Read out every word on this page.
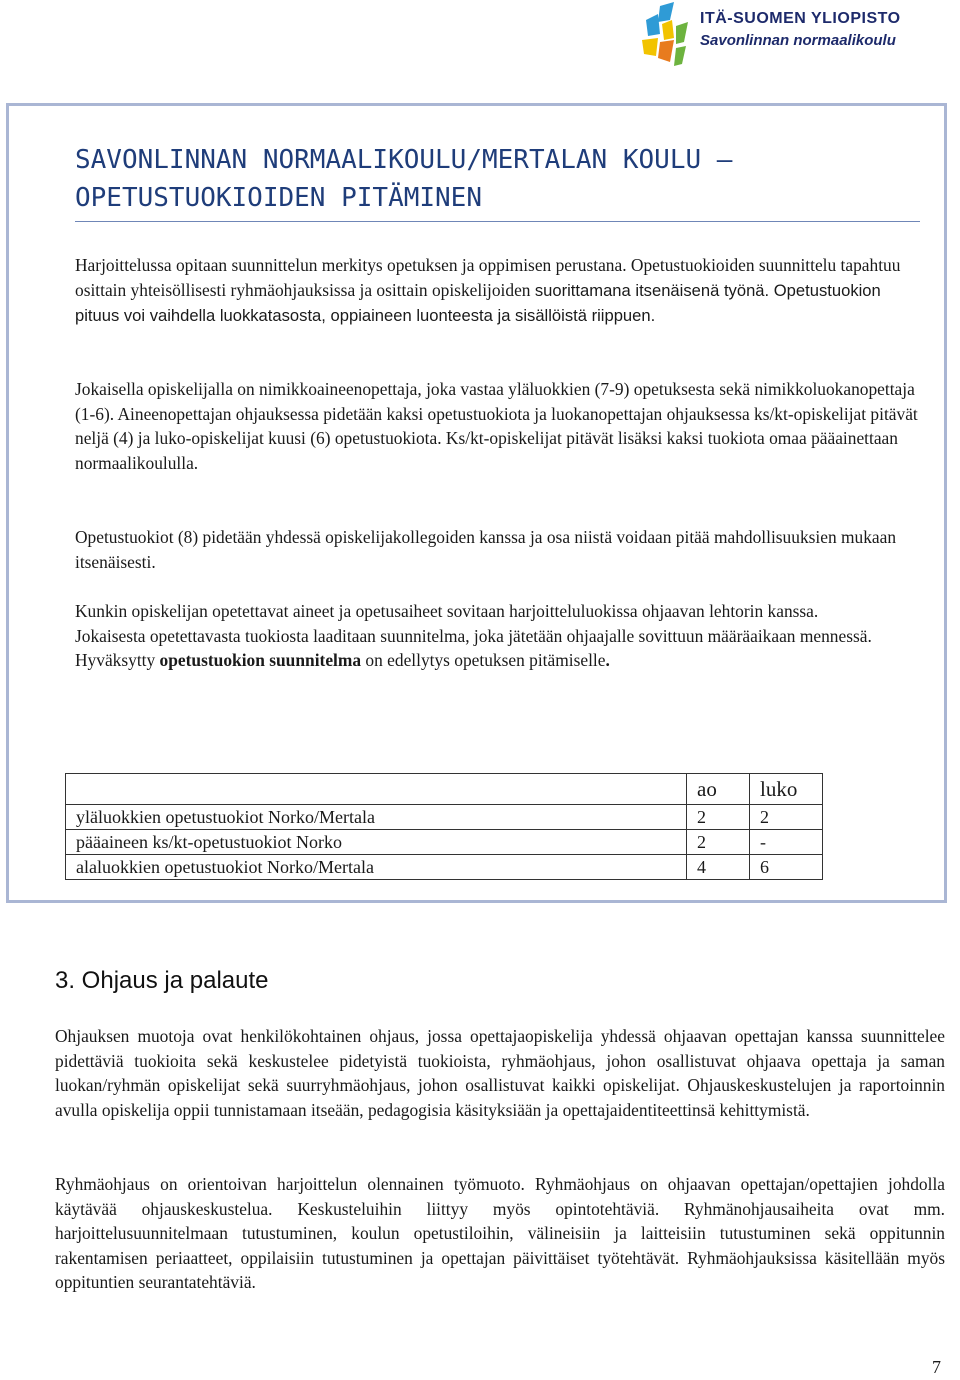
ITÄ-SUOMEN YLIOPISTO
Savonlinnan normaalikoulu
SAVONLINNAN NORMAALIKOULU/MERTALAN KOULU –
OPETUSTUOKIOIDEN PITÄMINEN

Harjoittelussa opitaan suunnittelun merkitys opetuksen ja oppimisen perustana. Opetustuokioiden suunnittelu tapahtuu osittain yhteisöllisesti ryhmäohjauksissa ja osittain opiskelijoiden suorittamana itsenäisenä työnä. Opetustuokion pituus voi vaihdella luokkatasosta, oppiaineen luonteesta ja sisällöistä riippuen.

Jokaisella opiskelijalla on nimikkoaineenopettaja, joka vastaa yläluokkien (7-9) opetuksesta sekä nimikkoluokanopettaja (1-6). Aineenopettajan ohjauksessa pidetään kaksi opetustuokiota ja luokanopettajan ohjauksessa ks/kt-opiskelijat pitävät neljä (4) ja luko-opiskelijat kuusi (6) opetustuokiota. Ks/kt-opiskelijat pitävät lisäksi kaksi tuokiota omaa pääainettaan normaalikoululla.

Opetustuokiot (8) pidetään yhdessä opiskelijakollegoiden kanssa ja osa niistä voidaan pitää mahdollisuuksien mukaan itsenäisesti.

Kunkin opiskelijan opetettavat aineet ja opetusaiheet sovitaan harjoitteluluokissa ohjaavan lehtorin kanssa.
Jokaisesta opetettavasta tuokiosta laaditaan suunnitelma, joka jätetään ohjaajalle sovittuun määräaikaan mennessä. Hyväksytty opetustuokion suunnitelma on edellytys opetuksen pitämiselle.

	ao	luko
yläluokkien opetustuokiot Norko/Mertala	2	2
pääaineen ks/kt-opetustuokiot Norko	2	-
alaluokkien opetustuokiot Norko/Mertala	4	6
3. Ohjaus ja palaute

Ohjauksen muotoja ovat henkilökohtainen ohjaus, jossa opettajaopiskelija yhdessä ohjaavan opettajan kanssa suunnittelee pidettäviä tuokioita sekä keskustelee pidetyistä tuokioista, ryhmäohjaus, johon osallistuvat ohjaava opettaja ja saman luokan/ryhmän opiskelijat sekä suurryhmäohjaus, johon osallistuvat kaikki opiskelijat. Ohjauskeskustelujen ja raportoinnin avulla opiskelija oppii tunnistamaan itseään, pedagogisia käsityksiään ja opettajaidentiteettinsä kehittymistä.

Ryhmäohjaus on orientoivan harjoittelun olennainen työmuoto. Ryhmäohjaus on ohjaavan opettajan/opettajien johdolla käytävää ohjauskeskustelua. Keskusteluihin liittyy myös opintotehtäviä. Ryhmänohjausaiheita ovat mm. harjoittelusuunnitelmaan tutustuminen, koulun opetustiloihin, välineisiin ja laitteisiin tutustuminen sekä oppitunnin rakentamisen periaatteet, oppilaisiin tutustuminen ja opettajan päivittäiset työtehtävät. Ryhmäohjauksissa käsitellään myös oppituntien seurantatehtäviä.

7
